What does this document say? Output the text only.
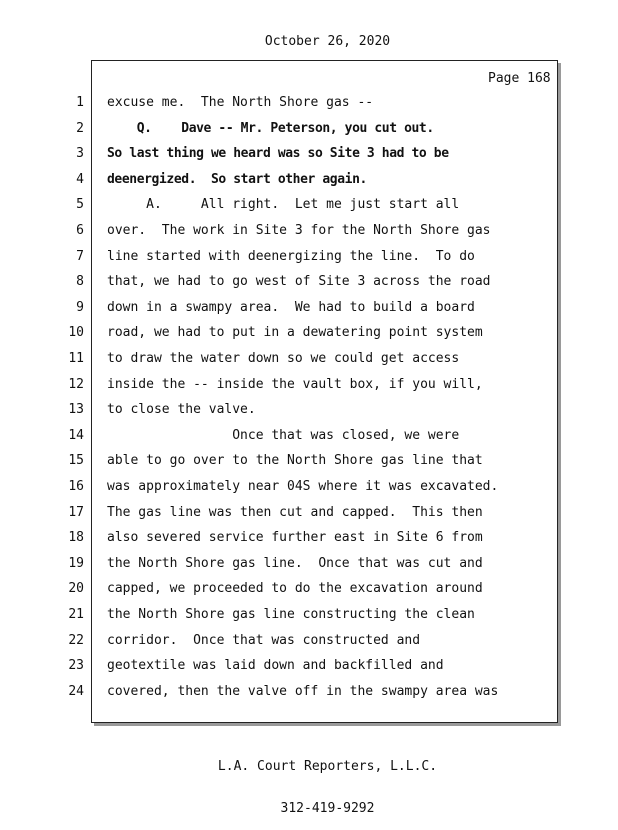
October 26, 2020
Page 168
1 excuse me.  The North Shore gas --
2 Q.    Dave -- Mr. Peterson, you cut out.
3 So last thing we heard was so Site 3 had to be
4 deenergized.  So start other again.
5 A.     All right.  Let me just start all
6 over.  The work in Site 3 for the North Shore gas
7 line started with deenergizing the line.  To do
8 that, we had to go west of Site 3 across the road
9 down in a swampy area.  We had to build a board
10 road, we had to put in a dewatering point system
11 to draw the water down so we could get access
12 inside the -- inside the vault box, if you will,
13 to close the valve.
14 Once that was closed, we were
15 able to go over to the North Shore gas line that
16 was approximately near 04S where it was excavated.
17 The gas line was then cut and capped.  This then
18 also severed service further east in Site 6 from
19 the North Shore gas line.  Once that was cut and
20 capped, we proceeded to do the excavation around
21 the North Shore gas line constructing the clean
22 corridor.  Once that was constructed and
23 geotextile was laid down and backfilled and
24 covered, then the valve off in the swampy area was

L.A. Court Reporters, L.L.C.

312-419-9292
